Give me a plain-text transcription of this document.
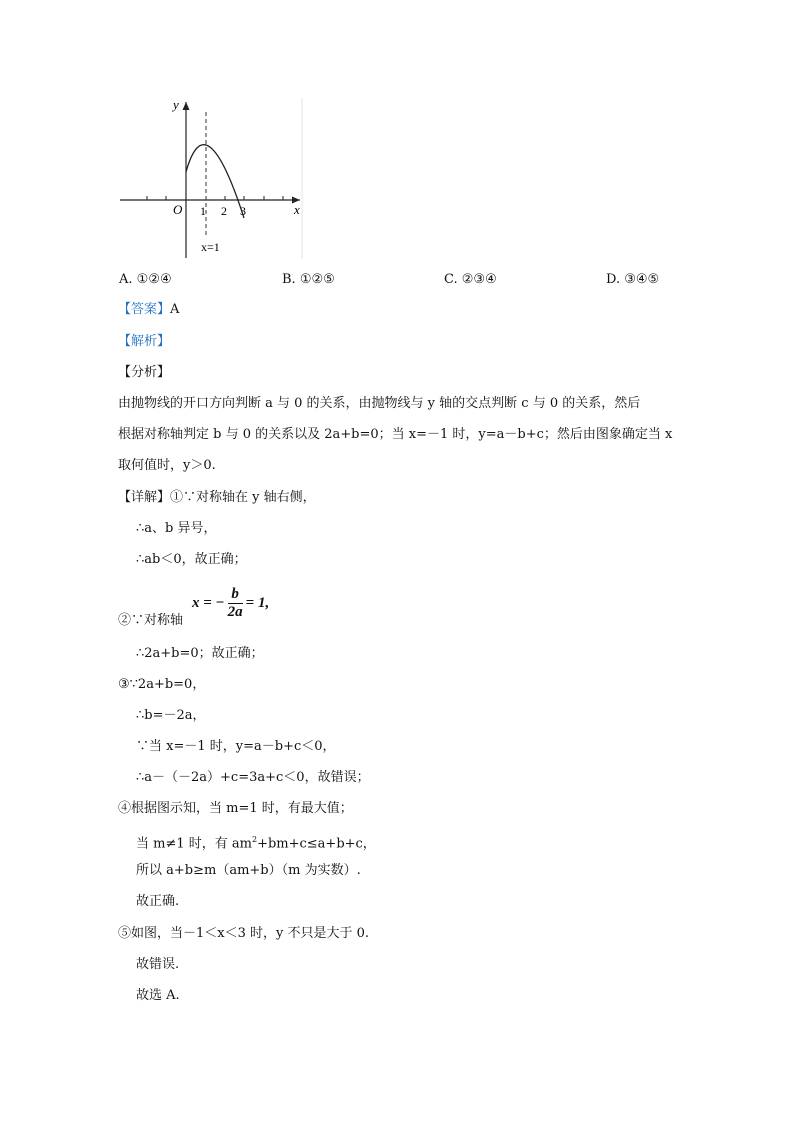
y
x
O 1 2 3
x=1
A. ①②④	B. ①②⑤	C. ②③④	D. ③④⑤
【答案】A
【解析】
【分析】
由抛物线的开口方向判断 a 与 0 的关系，由抛物线与 y 轴的交点判断 c 与 0 的关系，然后
根据对称轴判定 b 与 0 的关系以及 2a+b=0；当 x=－1 时，y=a－b+c；然后由图象确定当 x
取何值时，y＞0.
【详解】①∵对称轴在 y 轴右侧，
∴a、b 异号，
∴ab＜0，故正确；
②∵对称轴
x = − $\frac{b}{2a} = 1$,
∴2a+b=0；故正确；
③∵2a+b=0，
∴b=－2a，
∵当 x=－1 时，y=a－b+c＜0，
∴a－（－2a）+c=3a+c＜0，故错误；
④根据图示知，当 m=1 时，有最大值；
当 m≠1 时，有 $am^2+bm+c\le a+b+c$，
所以 a+b≥m（am+b）（m 为实数）.
故正确.
⑤如图，当－1＜x＜3 时，y 不只是大于 0.
故错误.
故选 A.
